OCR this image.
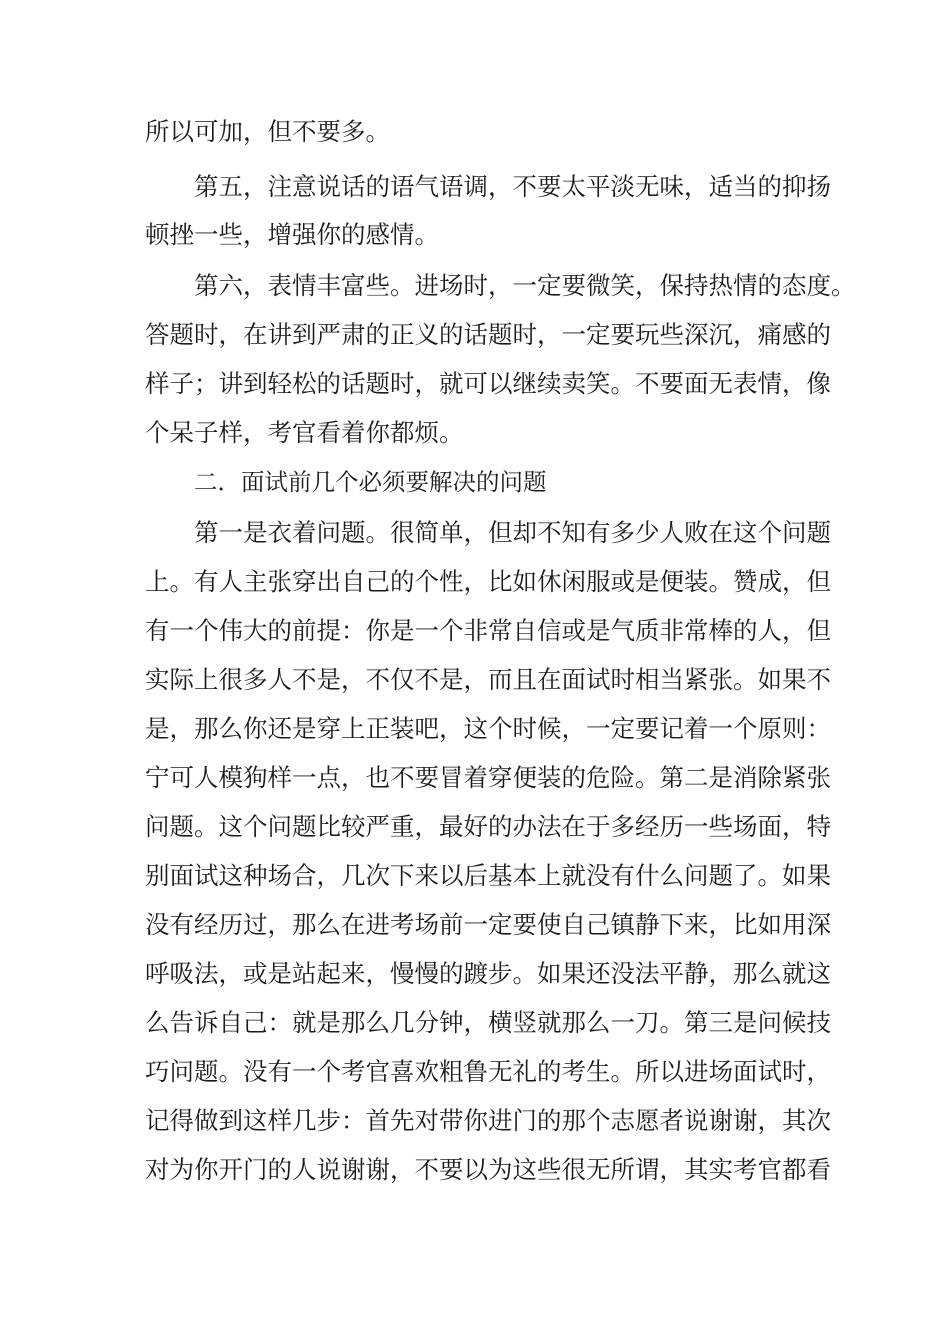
所以可加，但不要多。
第五，注意说话的语气语调，不要太平淡无味，适当的抑扬
顿挫一些，增强你的感情。
第六，表情丰富些。进场时，一定要微笑，保持热情的态度。
答题时，在讲到严肃的正义的话题时，一定要玩些深沉，痛感的
样子；讲到轻松的话题时，就可以继续卖笑。不要面无表情，像
个呆子样，考官看着你都烦。
二．面试前几个必须要解决的问题
第一是衣着问题。很简单，但却不知有多少人败在这个问题
上。有人主张穿出自己的个性，比如休闲服或是便装。赞成，但
有一个伟大的前提：你是一个非常自信或是气质非常棒的人，但
实际上很多人不是，不仅不是，而且在面试时相当紧张。如果不
是，那么你还是穿上正装吧，这个时候，一定要记着一个原则：
宁可人模狗样一点，也不要冒着穿便装的危险。第二是消除紧张
问题。这个问题比较严重，最好的办法在于多经历一些场面，特
别面试这种场合，几次下来以后基本上就没有什么问题了。如果
没有经历过，那么在进考场前一定要使自己镇静下来，比如用深
呼吸法，或是站起来，慢慢的踱步。如果还没法平静，那么就这
么告诉自己：就是那么几分钟，横竖就那么一刀。第三是问候技
巧问题。没有一个考官喜欢粗鲁无礼的考生。所以进场面试时，
记得做到这样几步：首先对带你进门的那个志愿者说谢谢，其次
对为你开门的人说谢谢，不要以为这些很无所谓，其实考官都看
